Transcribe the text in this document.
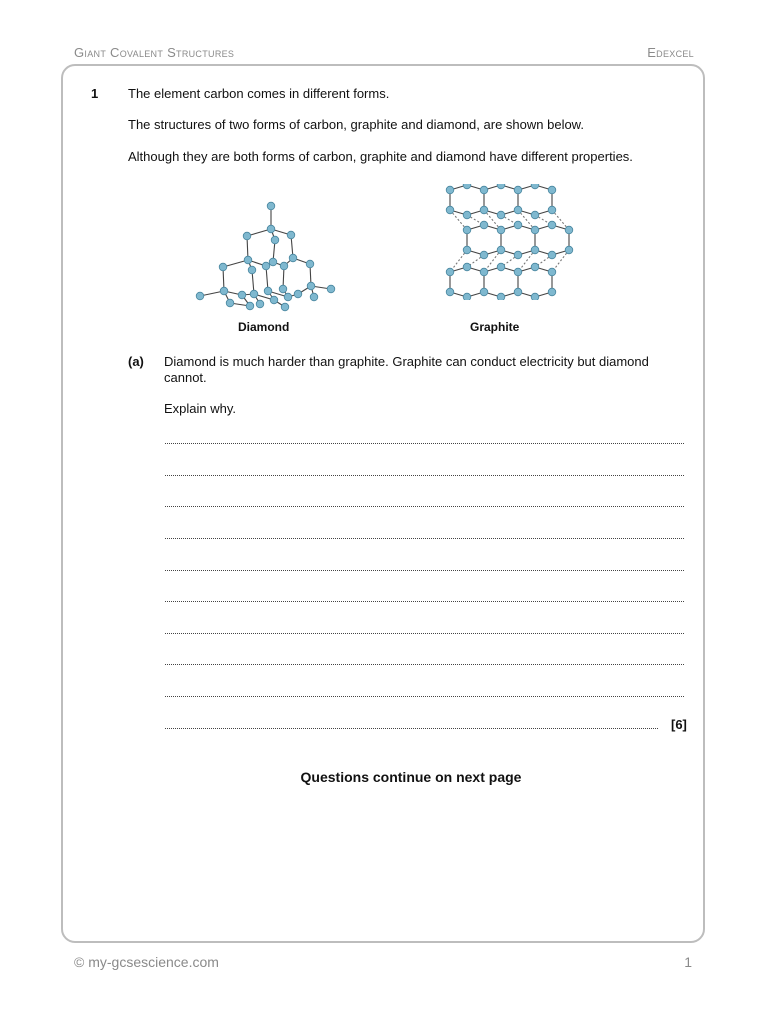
Giant Covalent Structures	Edexcel
1 The element carbon comes in different forms.
The structures of two forms of carbon, graphite and diamond, are shown below.
Although they are both forms of carbon, graphite and diamond have different properties.
Diamond	Graphite
(a) Diamond is much harder than graphite. Graphite can conduct electricity but diamond
cannot.
Explain why.
[6]
Questions continue on next page
© my-gcsescience.com	1
